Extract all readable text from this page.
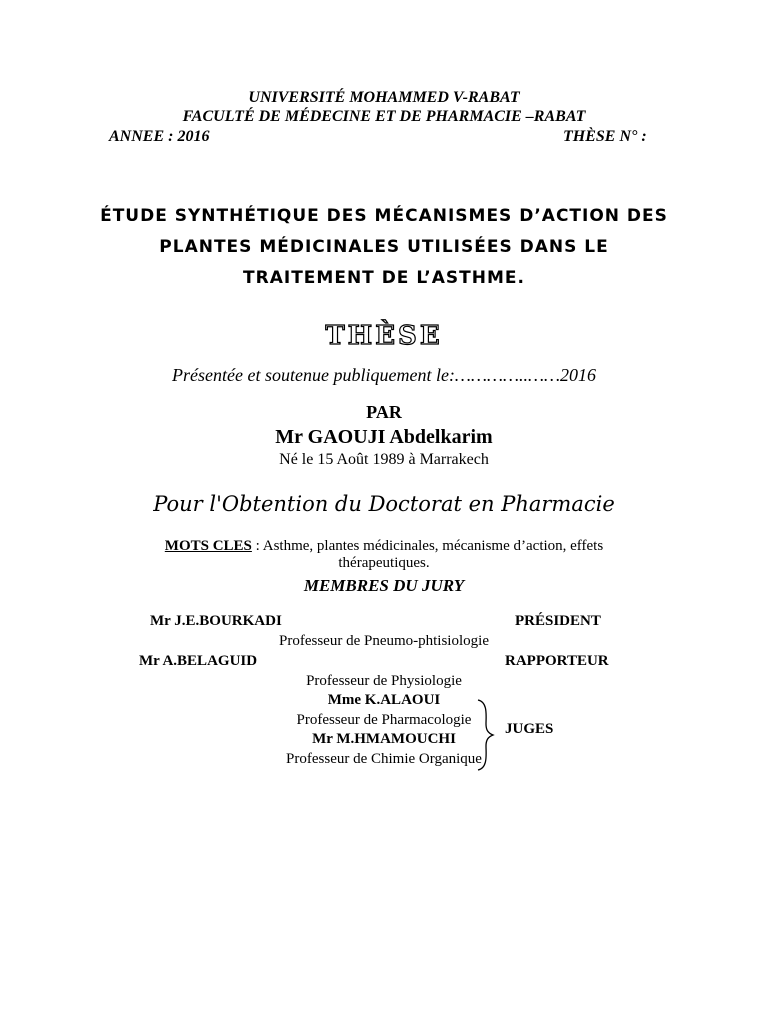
UNIVERSITÉ MOHAMMED V-RABAT
FACULTÉ DE MÉDECINE ET DE PHARMACIE –RABAT
ANNEE : 2016	THÈSE N° :
ÉTUDE SYNTHÉTIQUE DES MÉCANISMES D’ACTION DES
PLANTES MÉDICINALES UTILISÉES DANS LE
TRAITEMENT DE L’ASTHME.
THÈSE
Présentée et soutenue publiquement le:…………..……2016
PAR
Mr GAOUJI Abdelkarim
Né le 15 Août 1989 à Marrakech
Pour l'Obtention du Doctorat en Pharmacie
MOTS CLES : Asthme, plantes médicinales, mécanisme d’action, effets
thérapeutiques.
MEMBRES DU JURY
Mr J.E.BOURKADI	PRÉSIDENT
Professeur de Pneumo-phtisiologie
Mr A.BELAGUID	RAPPORTEUR
Professeur de Physiologie
Mme K.ALAOUI
Professeur de Pharmacologie
Mr M.HMAMOUCHI
Professeur de Chimie Organique
JUGES
